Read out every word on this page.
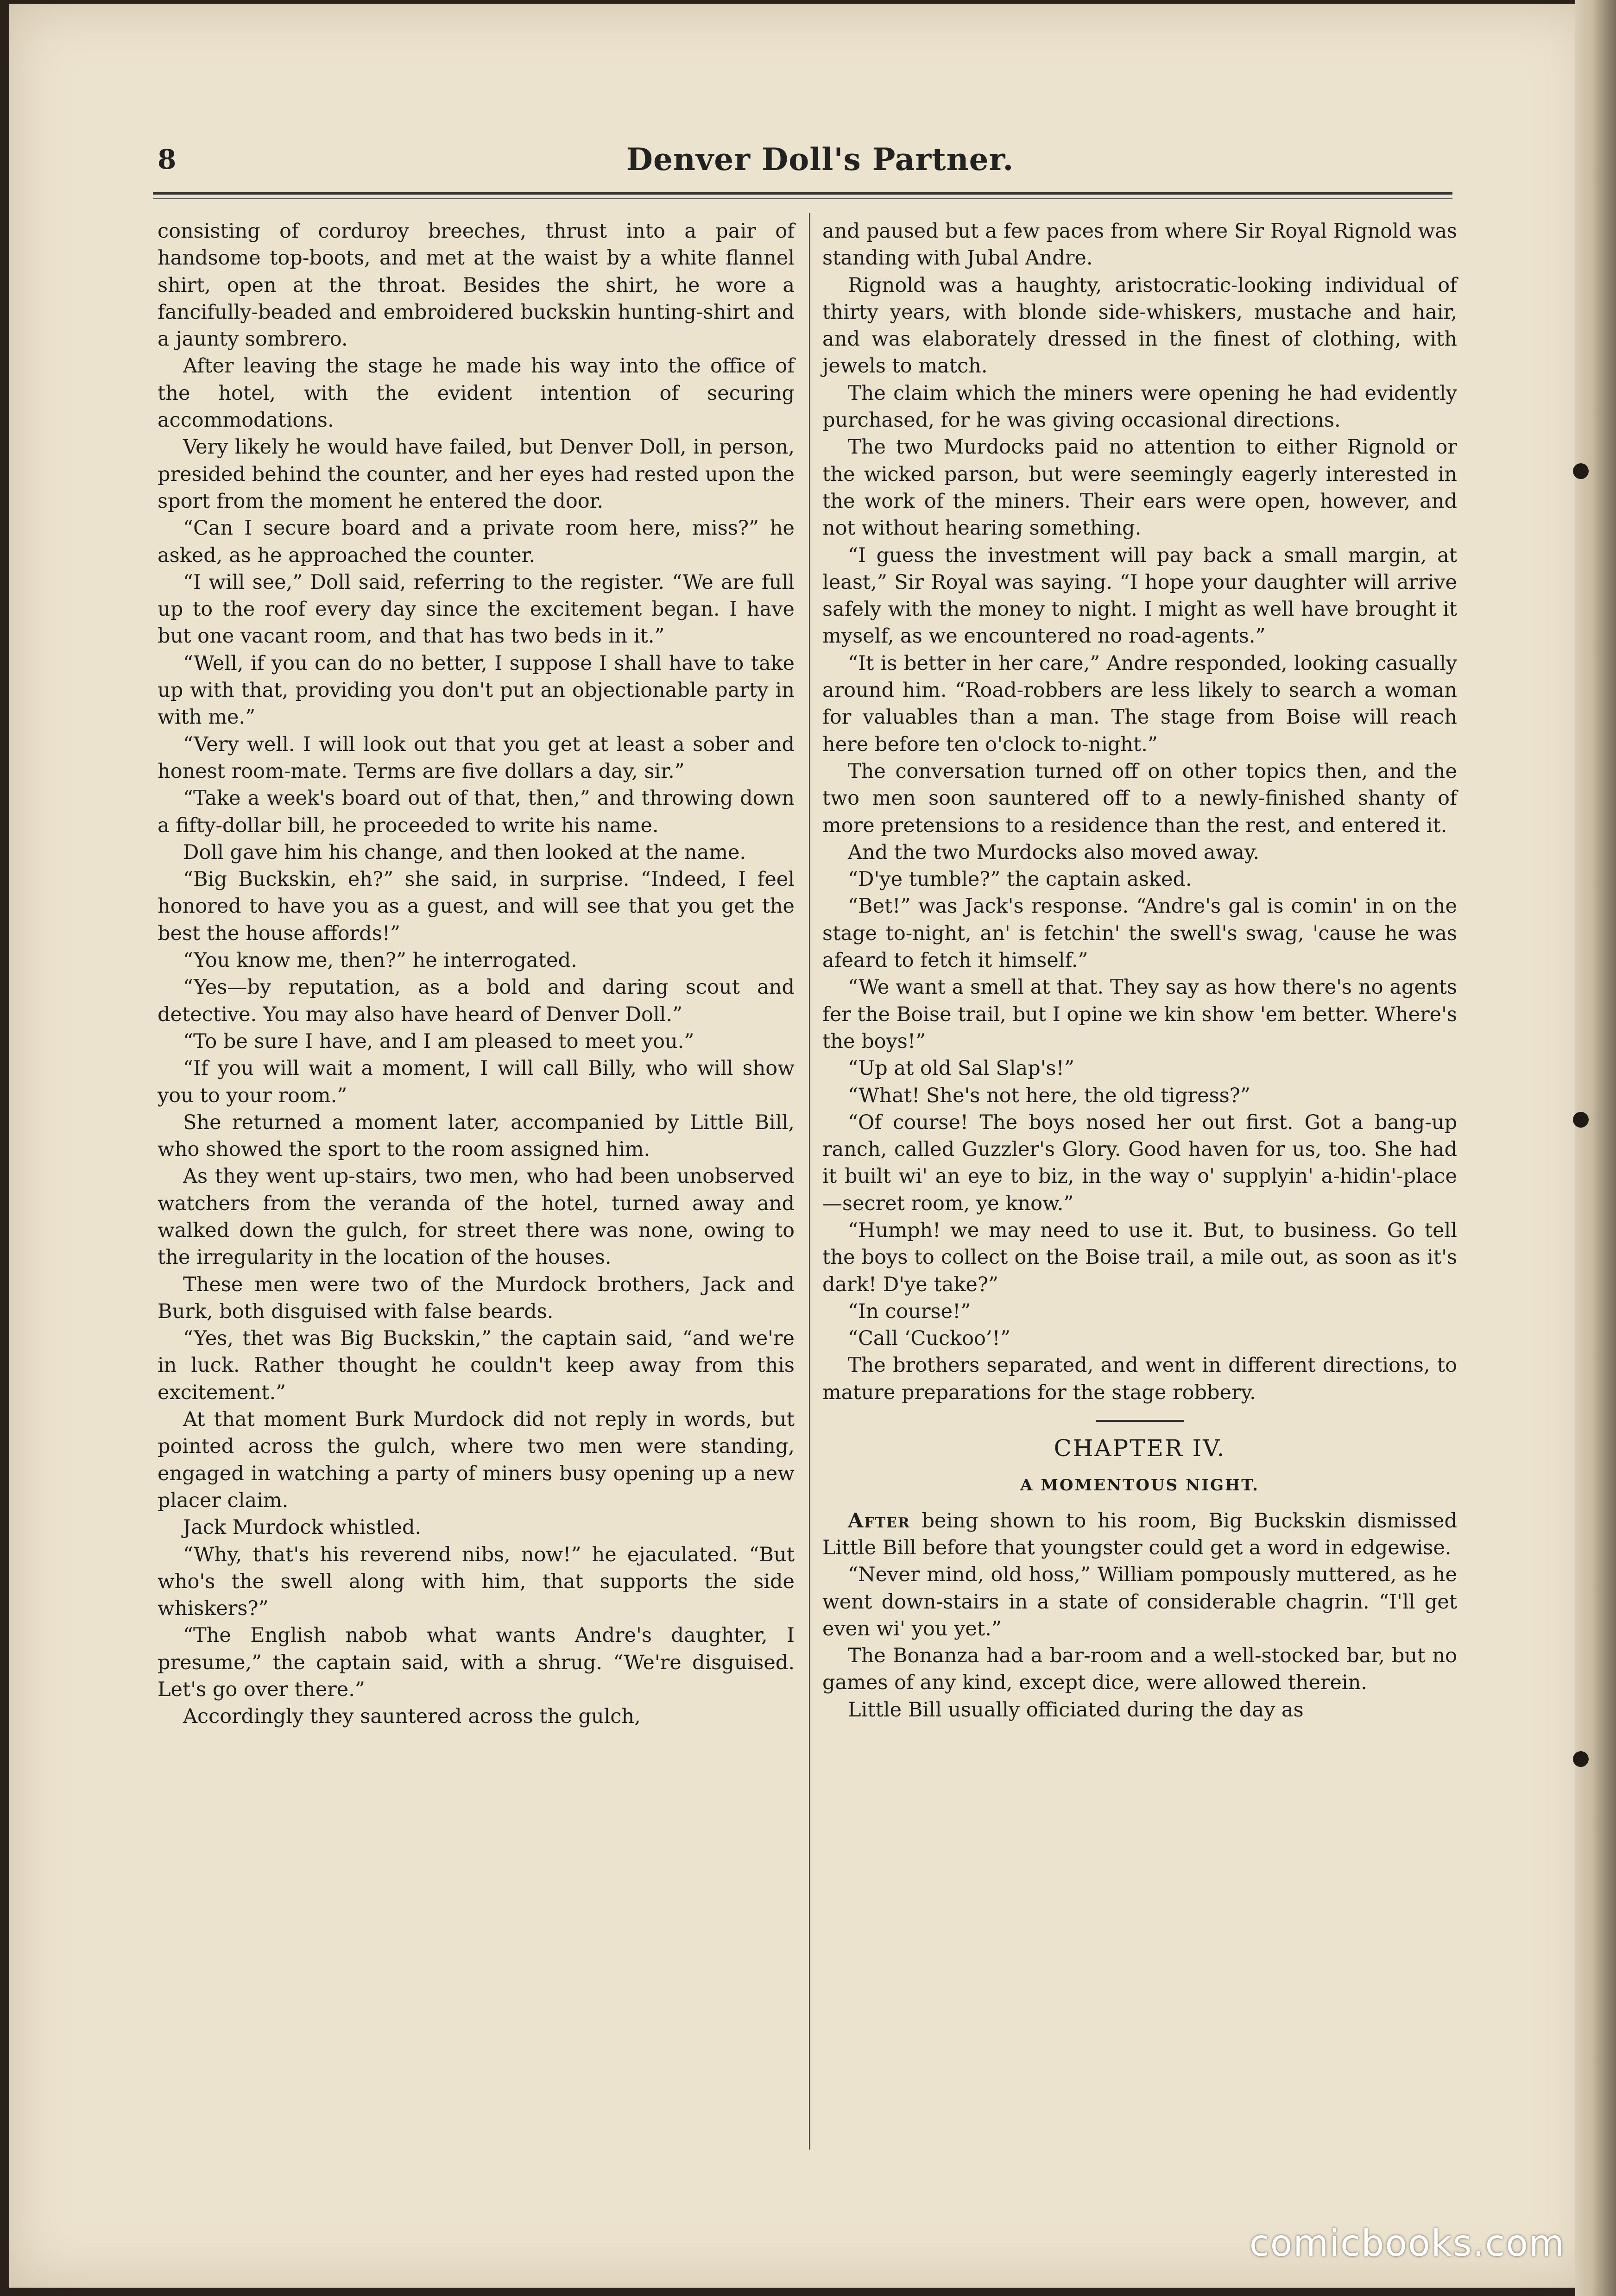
8	Denver Doll's Partner.

consisting of corduroy breeches, thrust into a pair of handsome top-boots, and met at the waist by a white flannel shirt, open at the throat. Besides the shirt, he wore a fancifully-beaded and embroidered buckskin hunting-shirt and a jaunty sombrero.

After leaving the stage he made his way into the office of the hotel, with the evident intention of securing accommodations.

Very likely he would have failed, but Denver Doll, in person, presided behind the counter, and her eyes had rested upon the sport from the moment he entered the door.

“Can I secure board and a private room here, miss?” he asked, as he approached the counter.

“I will see,” Doll said, referring to the register. “We are full up to the roof every day since the excitement began. I have but one vacant room, and that has two beds in it.”

“Well, if you can do no better, I suppose I shall have to take up with that, providing you don't put an objectionable party in with me.”

“Very well. I will look out that you get at least a sober and honest room-mate. Terms are five dollars a day, sir.”

“Take a week's board out of that, then,” and throwing down a fifty-dollar bill, he proceeded to write his name.

Doll gave him his change, and then looked at the name.

“Big Buckskin, eh?” she said, in surprise. “Indeed, I feel honored to have you as a guest, and will see that you get the best the house affords!”

“You know me, then?” he interrogated.

“Yes—by reputation, as a bold and daring scout and detective. You may also have heard of Denver Doll.”

“To be sure I have, and I am pleased to meet you.”

“If you will wait a moment, I will call Billy, who will show you to your room.”

She returned a moment later, accompanied by Little Bill, who showed the sport to the room assigned him.

As they went up-stairs, two men, who had been unobserved watchers from the veranda of the hotel, turned away and walked down the gulch, for street there was none, owing to the irregularity in the location of the houses.

These men were two of the Murdock brothers, Jack and Burk, both disguised with false beards.

“Yes, thet was Big Buckskin,” the captain said, “and we're in luck. Rather thought he couldn't keep away from this excitement.”

At that moment Burk Murdock did not reply in words, but pointed across the gulch, where two men were standing, engaged in watching a party of miners busy opening up a new placer claim.

Jack Murdock whistled.

“Why, that's his reverend nibs, now!” he ejaculated. “But who's the swell along with him, that supports the side whiskers?”

“The English nabob what wants Andre's daughter, I presume,” the captain said, with a shrug. “We're disguised. Let's go over there.”

Accordingly they sauntered across the gulch,

and paused but a few paces from where Sir Royal Rignold was standing with Jubal Andre.

Rignold was a haughty, aristocratic-looking individual of thirty years, with blonde side-whiskers, mustache and hair, and was elaborately dressed in the finest of clothing, with jewels to match.

The claim which the miners were opening he had evidently purchased, for he was giving occasional directions.

The two Murdocks paid no attention to either Rignold or the wicked parson, but were seemingly eagerly interested in the work of the miners. Their ears were open, however, and not without hearing something.

“I guess the investment will pay back a small margin, at least,” Sir Royal was saying. “I hope your daughter will arrive safely with the money to night. I might as well have brought it myself, as we encountered no road-agents.”

“It is better in her care,” Andre responded, looking casually around him. “Road-robbers are less likely to search a woman for valuables than a man. The stage from Boise will reach here before ten o'clock to-night.”

The conversation turned off on other topics then, and the two men soon sauntered off to a newly-finished shanty of more pretensions to a residence than the rest, and entered it.

And the two Murdocks also moved away.

“D'ye tumble?” the captain asked.

“Bet!” was Jack's response. “Andre's gal is comin' in on the stage to-night, an' is fetchin' the swell's swag, 'cause he was afeard to fetch it himself.”

“We want a smell at that. They say as how there's no agents fer the Boise trail, but I opine we kin show 'em better. Where's the boys!”

“Up at old Sal Slap's!”

“What! She's not here, the old tigress?”

“Of course! The boys nosed her out first. Got a bang-up ranch, called Guzzler's Glory. Good haven for us, too. She had it built wi' an eye to biz, in the way o' supplyin' a-hidin'-place —secret room, ye know.”

“Humph! we may need to use it. But, to business. Go tell the boys to collect on the Boise trail, a mile out, as soon as it's dark! D'ye take?”

“In course!”

“Call ‘Cuckoo’!”

The brothers separated, and went in different directions, to mature preparations for the stage robbery.

CHAPTER IV.
A MOMENTOUS NIGHT.

After being shown to his room, Big Buckskin dismissed Little Bill before that youngster could get a word in edgewise.

“Never mind, old hoss,” William pompously muttered, as he went down-stairs in a state of considerable chagrin. “I'll get even wi' you yet.”

The Bonanza had a bar-room and a well-stocked bar, but no games of any kind, except dice, were allowed therein.

Little Bill usually officiated during the day as

comicbooks.com
